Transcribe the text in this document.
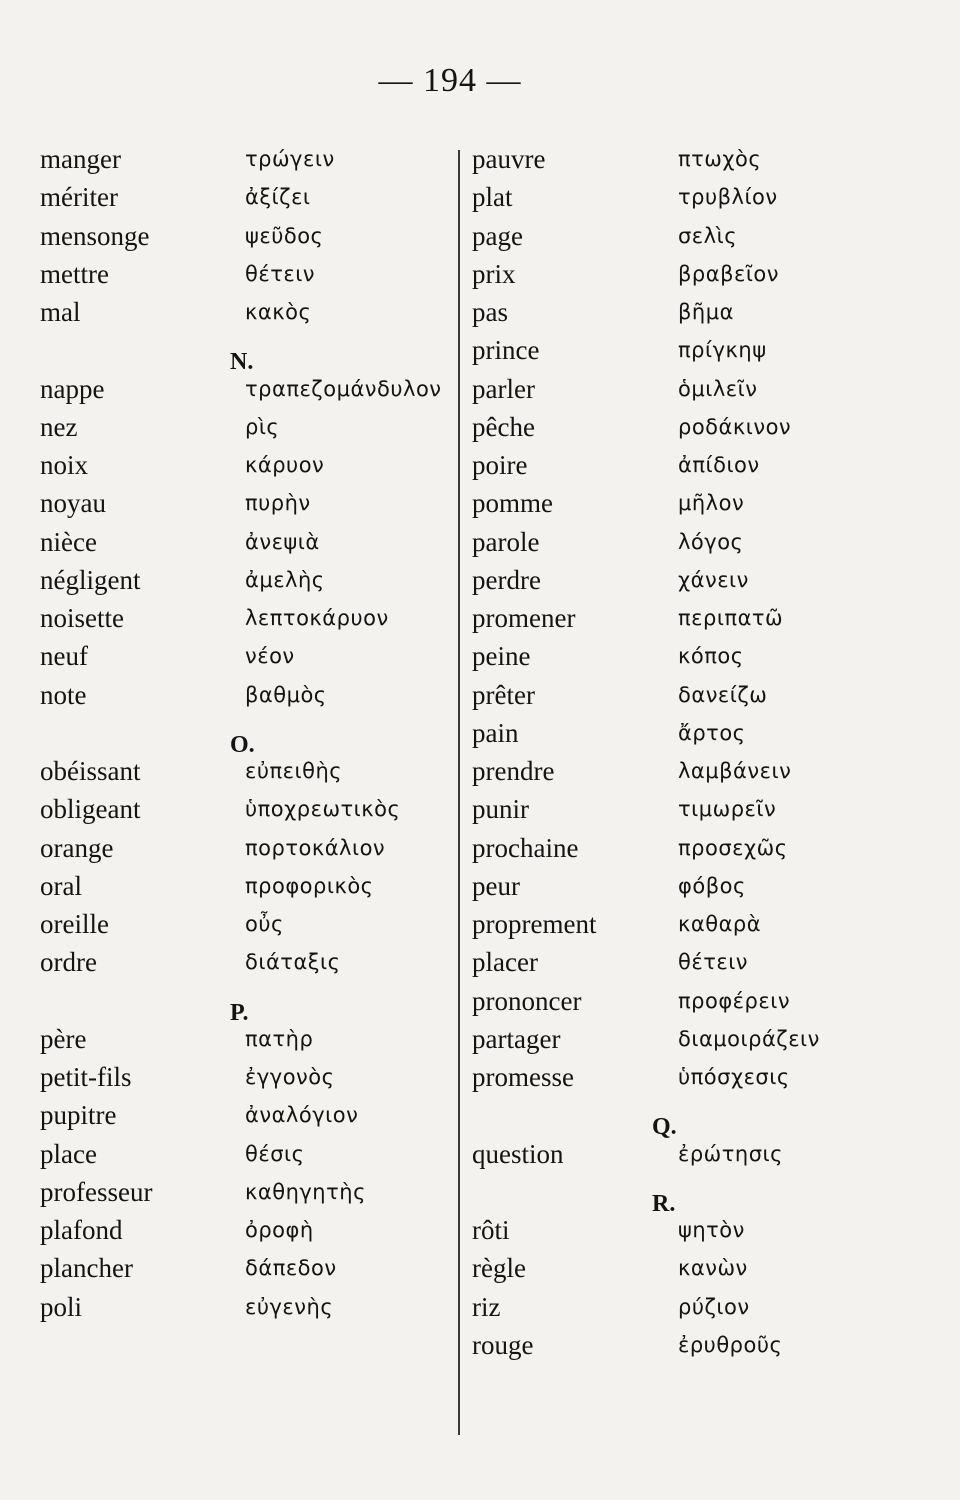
— 194 —
manger	τρώγειν
mériter	ἀξίζει
mensonge	ψεῦδος
mettre	θέτειν
mal	κακὸς
N.
nappe	τραπεζομάνδυλον
nez	ρὶς
noix	κάρυον
noyau	πυρὴν
nièce	ἀνεψιὰ
négligent	ἀμελὴς
noisette	λεπτοκάρυον
neuf	νέον
note	βαθμὸς
O.
obéissant	εὐπειθὴς
obligeant	ὑποχρεωτικὸς
orange	πορτοκάλιον
oral	προφορικὸς
oreille	οὖς
ordre	διάταξις
P.
père	πατὴρ
petit-fils	ἐγγονὸς
pupitre	ἀναλόγιον
place	θέσις
professeur	καθηγητὴς
plafond	ὀροφὴ
plancher	δάπεδον
poli	εὐγενὴς
pauvre	πτωχὸς
plat	τρυβλίον
page	σελὶς
prix	βραβεῖον
pas	βῆμα
prince	πρίγκηψ
parler	ὁμιλεῖν
pêche	ροδάκινον
poire	ἀπίδιον
pomme	μῆλον
parole	λόγος
perdre	χάνειν
promener	περιπατῶ
peine	κόπος
prêter	δανείζω
pain	ἄρτος
prendre	λαμβάνειν
punir	τιμωρεῖν
prochaine	προσεχῶς
peur	φόβος
proprement	καθαρὰ
placer	θέτειν
prononcer	προφέρειν
partager	διαμοιράζειν
promesse	ὑπόσχεσις
Q.
question	ἐρώτησις
R.
rôti	ψητὸν
règle	κανὼν
riz	ρύζιον
rouge	ἐρυθροῦς
